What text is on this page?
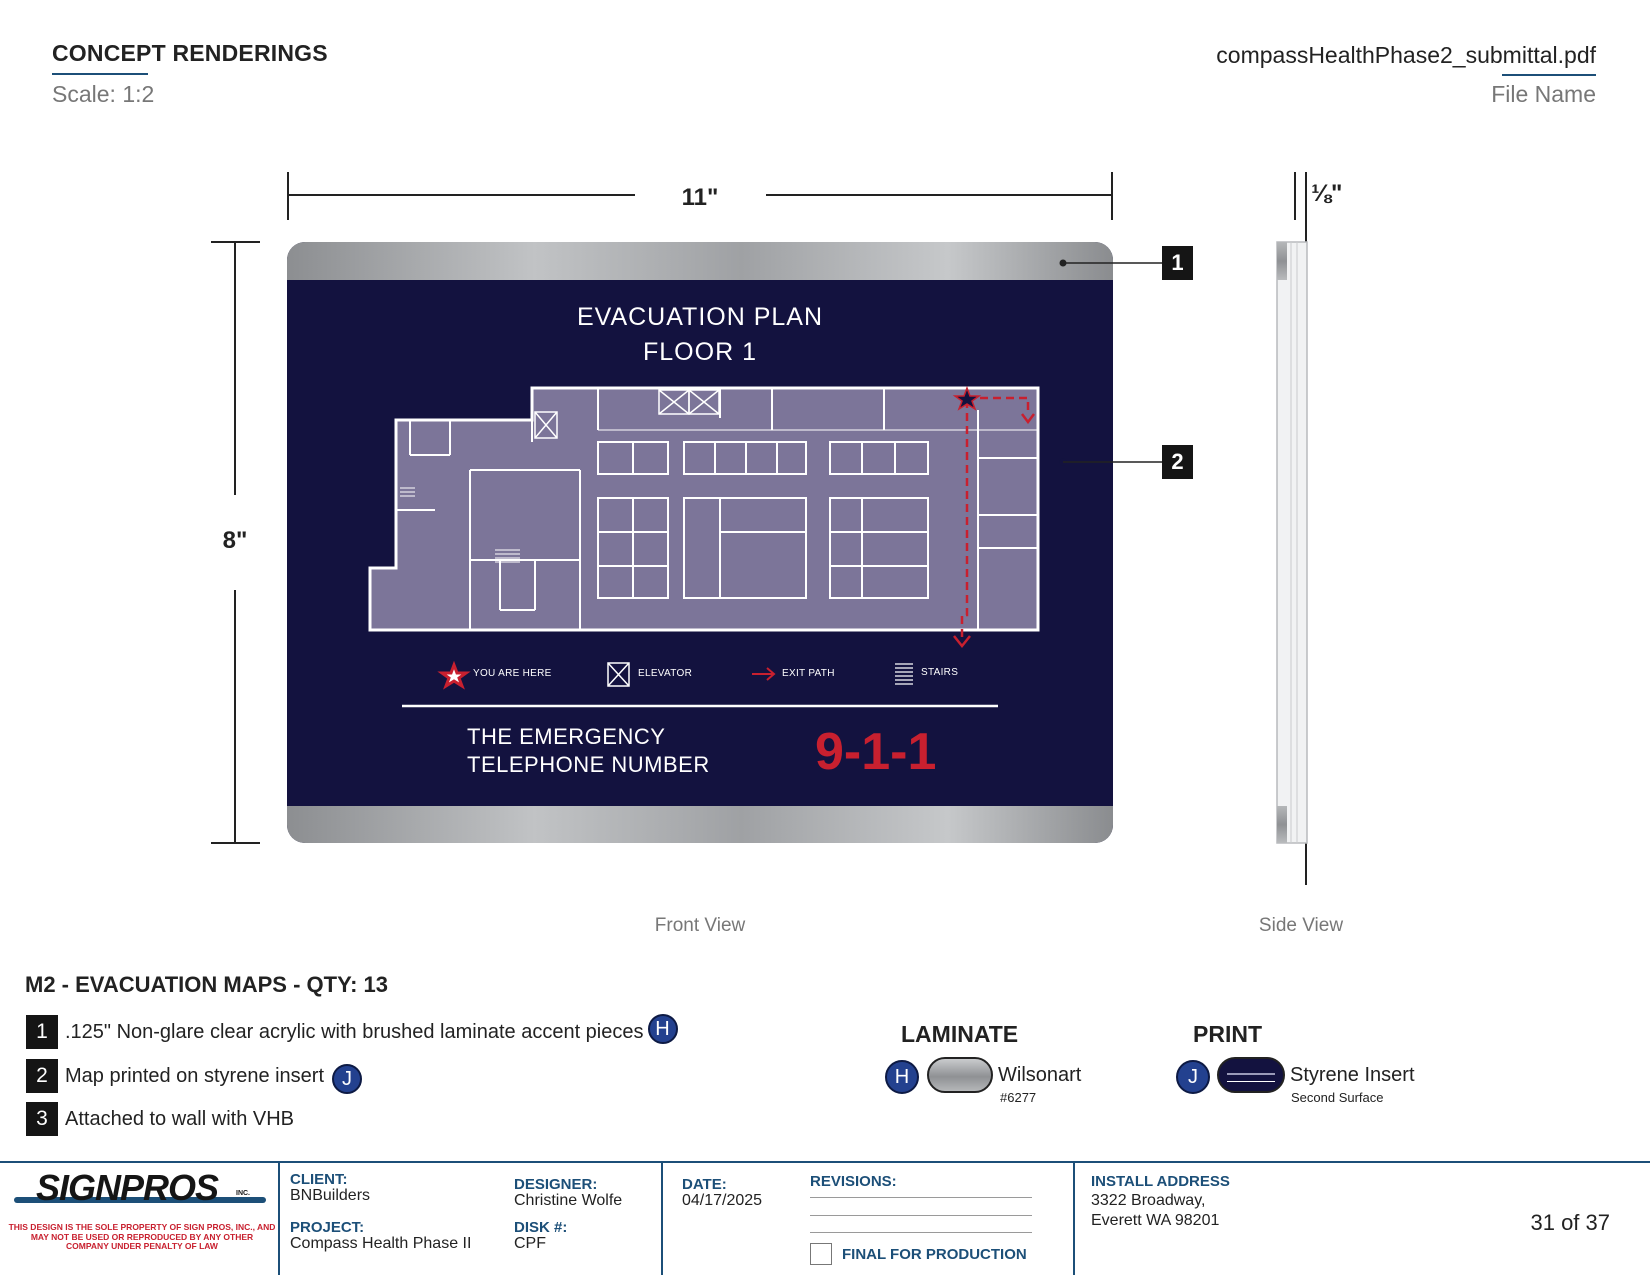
CONCEPT RENDERINGS
Scale: 1:2
compassHealthPhase2_submittal.pdf
File Name
11"
8"
⅛"
1
2
EVACUATION PLAN
FLOOR 1
YOU ARE HERE	ELEVATOR	EXIT PATH	STAIRS
THE EMERGENCY
TELEPHONE NUMBER 9-1-1
Front View	Side View
M2 - EVACUATION MAPS - QTY: 13
1 .125" Non-glare clear acrylic with brushed laminate accent pieces H
2 Map printed on styrene insert J
3 Attached to wall with VHB
LAMINATE
H	Wilsonart
#6277
PRINT
J	Styrene Insert
Second Surface
SIGNPROS	INC.
THIS DESIGN IS THE SOLE PROPERTY OF SIGN PROS, INC., AND
MAY NOT BE USED OR REPRODUCED BY ANY OTHER
COMPANY UNDER PENALTY OF LAW
CLIENT:
BNBuilders
PROJECT:
Compass Health Phase II
DESIGNER:
Christine Wolfe
DISK #:
CPF
DATE:
04/17/2025
REVISIONS:
FINAL FOR PRODUCTION
INSTALL ADDRESS
3322 Broadway,
Everett WA 98201	31 of 37
